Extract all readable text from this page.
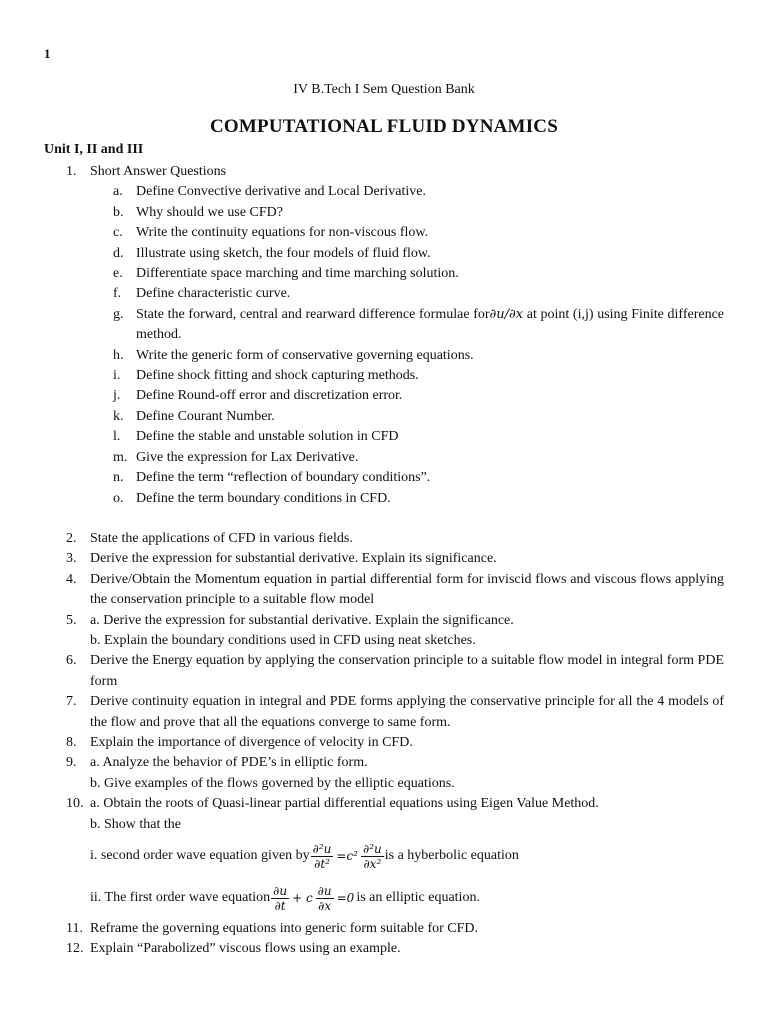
1
IV B.Tech I Sem Question Bank
COMPUTATIONAL FLUID DYNAMICS
Unit I, II and III
1. Short Answer Questions
a. Define Convective derivative and Local Derivative.
b. Why should we use CFD?
c. Write the continuity equations for non-viscous flow.
d. Illustrate using sketch, the four models of fluid flow.
e. Differentiate space marching and time marching solution.
f.	Define characteristic curve.
g. State the forward, central and rearward difference formulae for∂u/∂x at point (i,j) using Finite difference method.
h. Write the generic form of conservative governing equations.
i.	Define shock fitting and shock capturing methods.
j.	Define Round-off error and discretization error.
k. Define Courant Number.
l.	Define the stable and unstable solution in CFD
m. Give the expression for Lax Derivative.
n. Define the term “reflection of boundary conditions”.
o. Define the term boundary conditions in CFD.
2. State the applications of CFD in various fields.
3. Derive the expression for substantial derivative. Explain its significance.
4. Derive/Obtain the Momentum equation in partial differential form for inviscid flows and viscous flows applying the conservation principle to a suitable flow model
5. a. Derive the expression for substantial derivative. Explain the significance.
b. Explain the boundary conditions used in CFD using neat sketches.
6. Derive the Energy equation by applying the conservation principle to a suitable flow model in integral form PDE form
7. Derive continuity equation in integral and PDE forms applying the conservative principle for all the 4 models of the flow and prove that all the equations converge to same form.
8. Explain the importance of divergence of velocity in CFD.
9. a. Analyze the behavior of PDE’s in elliptic form.
b. Give examples of the flows governed by the elliptic equations.
10. a. Obtain the roots of Quasi-linear partial differential equations using Eigen Value Method.
b. Show that the
i. second order wave equation given by $\frac{\text{∂²u}}{\text{∂t²}} =c^2 \frac{\text{∂²u}}{\text{∂x²}}$ is a hyberbolic equation
ii. The first order wave equation $\frac{\partial u}{\partial t} + c \frac{\partial u}{\partial x} =0$ is an elliptic equation.
11. Reframe the governing equations into generic form suitable for CFD.
12. Explain “Parabolized” viscous flows using an example.
